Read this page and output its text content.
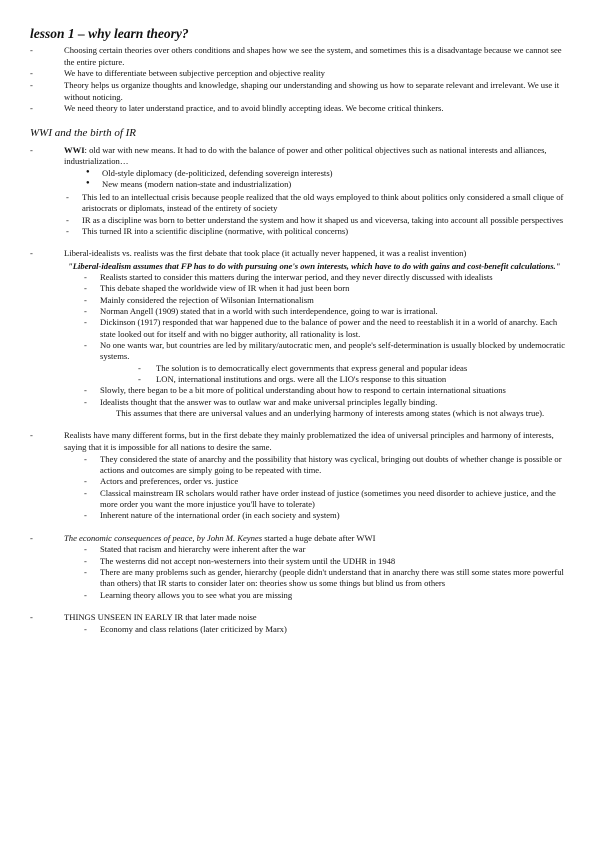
lesson 1 – why learn theory?
- Choosing certain theories over others conditions and shapes how we see the system, and sometimes this is a disadvantage because we cannot see the entire picture.
- We have to differentiate between subjective perception and objective reality
- Theory helps us organize thoughts and knowledge, shaping our understanding and showing us how to separate relevant and irrelevant. We use it without noticing.
- We need theory to later understand practice, and to avoid blindly accepting ideas. We become critical thinkers.
WWI and the birth of IR
- WWI: old war with new means. It had to do with the balance of power and other political objectives such as national interests and alliances, industrialization…
● Old-style diplomacy (de-politicized, defending sovereign interests)
● New means (modern nation-state and industrialization)
- This led to an intellectual crisis because people realized that the old ways employed to think about politics only considered a small clique of aristocrats or diplomats, instead of the entirety of society
- IR as a discipline was born to better understand the system and how it shaped us and viceversa, taking into account all possible perspectives
- This turned IR into a scientific discipline (normative, with political concerns)
- Liberal-idealists vs. realists was the first debate that took place (it actually never happened, it was a realist invention)
"Liberal-idealism assumes that FP has to do with pursuing one's own interests, which have to do with gains and cost-benefit calculations."
- Realists started to consider this matters during the interwar period, and they never directly discussed with idealists
- This debate shaped the worldwide view of IR when it had just been born
- Mainly considered the rejection of Wilsonian Internationalism
- Norman Angell (1909) stated that in a world with such interdependence, going to war is irrational.
- Dickinson (1917) responded that war happened due to the balance of power and the need to reestablish it in a world of anarchy. Each state looked out for itself and with no bigger authority, all rationality is lost.
- No one wants war, but countries are led by military/autocratic men, and people's self-determination is usually blocked by undemocratic systems.
- The solution is to democratically elect governments that express general and popular ideas
- LON, international institutions and orgs. were all the LIO's response to this situation
- Slowly, there began to be a bit more of political understanding about how to respond to certain international situations
- Idealists thought that the answer was to outlaw war and make universal principles legally binding.
This assumes that there are universal values and an underlying harmony of interests among states (which is not always true).
- Realists have many different forms, but in the first debate they mainly problematized the idea of universal principles and harmony of interests, saying that it is impossible for all nations to desire the same.
- They considered the state of anarchy and the possibility that history was cyclical, bringing out doubts of whether change is possible or actions and outcomes are simply going to be repeated with time.
- Actors and preferences, order vs. justice
- Classical mainstream IR scholars would rather have order instead of justice (sometimes you need disorder to achieve justice, and the more order you want the more injustice you'll have to tolerate)
- Inherent nature of the international order (in each society and system)
- The economic consequences of peace, by John M. Keynes started a huge debate after WWI
- Stated that racism and hierarchy were inherent after the war
- The westerns did not accept non-westerners into their system until the UDHR in 1948
- There are many problems such as gender, hierarchy (people didn't understand that in anarchy there was still some states more powerful than others) that IR starts to consider later on: theories show us some things but blind us from others
- Learning theory allows you to see what you are missing
- THINGS UNSEEN IN EARLY IR that later made noise
- Economy and class relations (later criticized by Marx)
